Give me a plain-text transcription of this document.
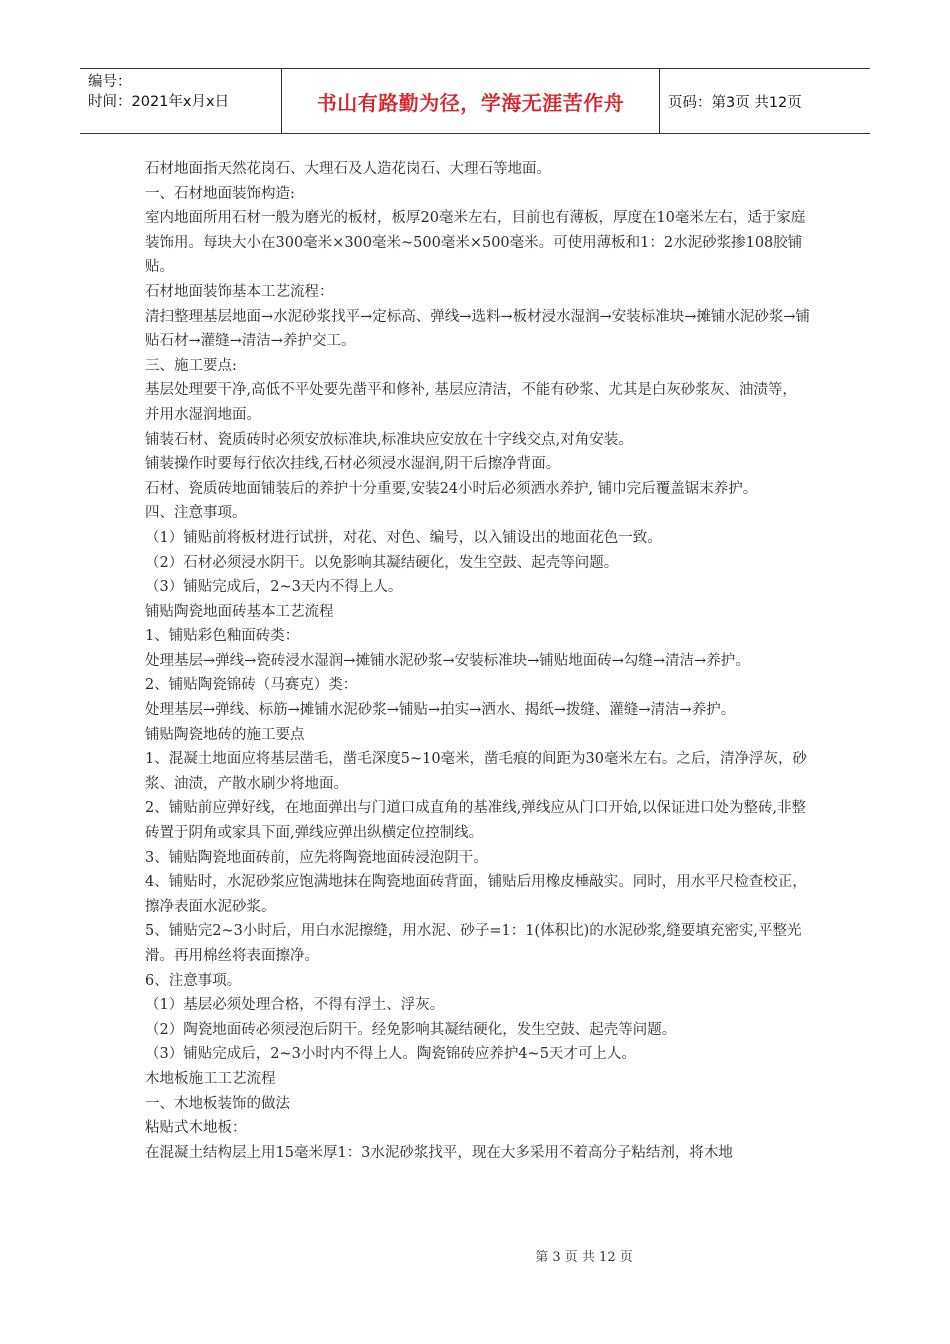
编号：
时间：2021年x月x日	书山有路勤为径，学海无涯苦作舟	页码：第3页 共12页

石材地面指天然花岗石、大理石及人造花岗石、大理石等地面。

一、石材地面装饰构造:

室内地面所用石材一般为磨光的板材，板厚20毫米左右，目前也有薄板，厚度在10毫米左右，适于家庭装饰用。每块大小在300毫米×300毫米~500毫米×500毫米。可使用薄板和1：2水泥砂浆掺108胶铺贴。

石材地面装饰基本工艺流程：

清扫整理基层地面→水泥砂浆找平→定标高、弹线→选料→板材浸水湿润→安装标准块→摊铺水泥砂浆→铺贴石材→灌缝→清洁→养护交工。

三、施工要点:

基层处理要干净,高低不平处要先凿平和修补, 基层应清洁，不能有砂浆、尤其是白灰砂浆灰、油渍等，并用水湿润地面。

铺装石材、瓷质砖时必须安放标准块,标准块应安放在十字线交点,对角安装。

铺装操作时要每行依次挂线,石材必须浸水湿润,阴干后擦净背面。

石材、瓷质砖地面铺装后的养护十分重要,安装24小时后必须洒水养护, 铺巾完后覆盖锯末养护。

四、注意事项。

（1）铺贴前将板材进行试拼，对花、对色、编号，以入铺设出的地面花色一致。

（2）石材必须浸水阴干。以免影响其凝结硬化，发生空鼓、起壳等问题。

（3）铺贴完成后，2~3天内不得上人。

铺贴陶瓷地面砖基本工艺流程

1、铺贴彩色釉面砖类：

处理基层→弹线→瓷砖浸水湿润→摊铺水泥砂浆→安装标准块→铺贴地面砖→勾缝→清洁→养护。

2、铺贴陶瓷锦砖（马赛克）类：

处理基层→弹线、标筋→摊铺水泥砂浆→铺贴→拍实→洒水、揭纸→拨缝、灌缝→清洁→养护。

铺贴陶瓷地砖的施工要点

1、混凝土地面应将基层凿毛，凿毛深度5~10毫米，凿毛痕的间距为30毫米左右。之后，清净浮灰，砂浆、油渍，产散水刷少将地面。

2、铺贴前应弹好线，在地面弹出与门道口成直角的基准线,弹线应从门口开始,以保证进口处为整砖,非整砖置于阴角或家具下面,弹线应弹出纵横定位控制线。

3、铺贴陶瓷地面砖前，应先将陶瓷地面砖浸泡阴干。

4、铺贴时，水泥砂浆应饱满地抹在陶瓷地面砖背面，铺贴后用橡皮棰敲实。同时，用水平尺检查校正，擦净表面水泥砂浆。

5、铺贴完2~3小时后，用白水泥擦缝，用水泥、砂子=1：1(体积比)的水泥砂浆,缝要填充密实,平整光滑。再用棉丝将表面擦净。

6、注意事项。

（1）基层必须处理合格，不得有浮土、浮灰。

（2）陶瓷地面砖必须浸泡后阴干。经免影响其凝结硬化，发生空鼓、起壳等问题。

（3）铺贴完成后，2~3小时内不得上人。陶瓷锦砖应养护4~5天才可上人。

木地板施工工艺流程

一、木地板装饰的做法

粘贴式木地板：

在混凝土结构层上用15毫米厚1：3水泥砂浆找平，现在大多采用不着高分子粘结剂，将木地

第 3 页 共 12 页
